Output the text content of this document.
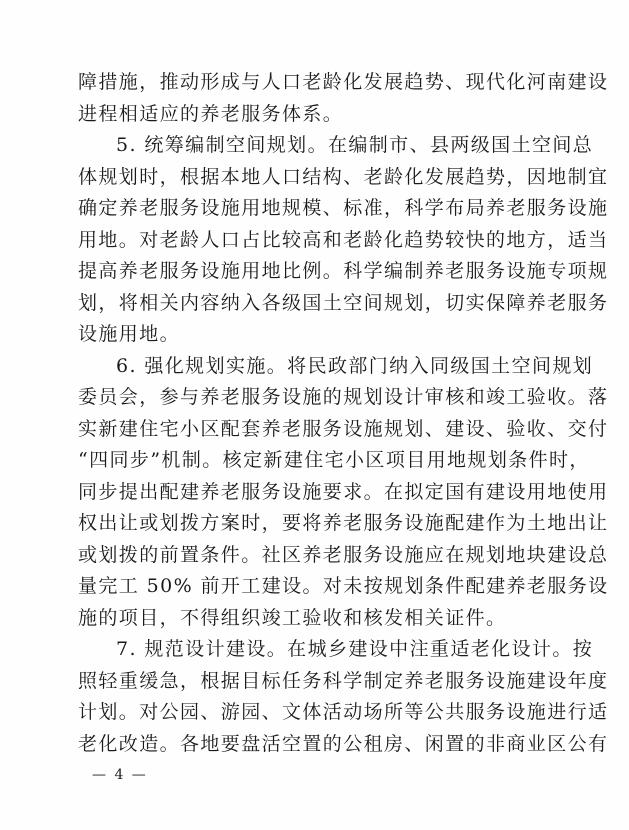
障措施，推动形成与人口老龄化发展趋势、现代化河南建设
进程相适应的养老服务体系。
5. 统筹编制空间规划。在编制市、县两级国土空间总
体规划时，根据本地人口结构、老龄化发展趋势，因地制宜
确定养老服务设施用地规模、标准，科学布局养老服务设施
用地。对老龄人口占比较高和老龄化趋势较快的地方，适当
提高养老服务设施用地比例。科学编制养老服务设施专项规
划，将相关内容纳入各级国土空间规划，切实保障养老服务
设施用地。
6. 强化规划实施。将民政部门纳入同级国土空间规划
委员会，参与养老服务设施的规划设计审核和竣工验收。落
实新建住宅小区配套养老服务设施规划、建设、验收、交付
“四同步”机制。核定新建住宅小区项目用地规划条件时，
同步提出配建养老服务设施要求。在拟定国有建设用地使用
权出让或划拨方案时，要将养老服务设施配建作为土地出让
或划拨的前置条件。社区养老服务设施应在规划地块建设总
量完工 50% 前开工建设。对未按规划条件配建养老服务设
施的项目，不得组织竣工验收和核发相关证件。
7. 规范设计建设。在城乡建设中注重适老化设计。按
照轻重缓急，根据目标任务科学制定养老服务设施建设年度
计划。对公园、游园、文体活动场所等公共服务设施进行适
老化改造。各地要盘活空置的公租房、闲置的非商业区公有
— 4 —
